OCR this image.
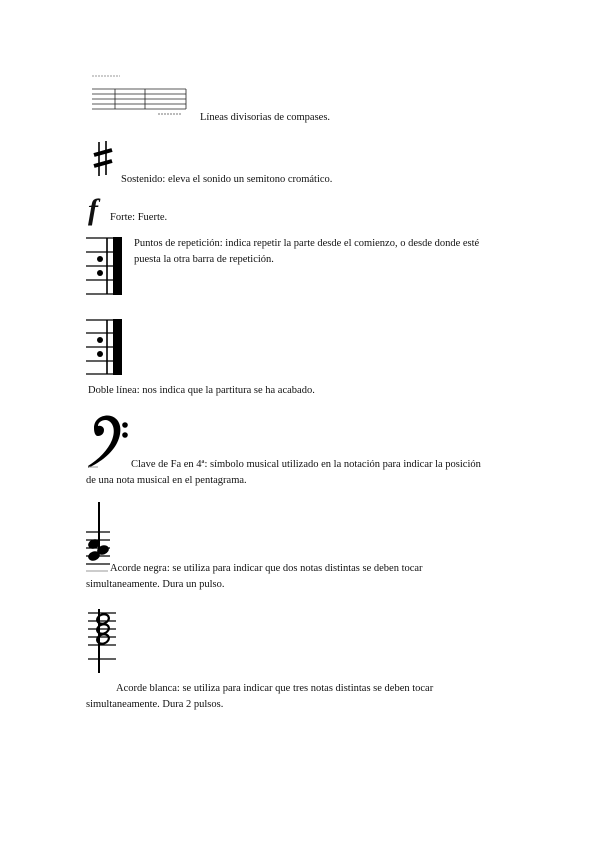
Líneas divisorias de compases.
Sostenido: eleva el sonido un semitono cromático.
f Forte: Fuerte.
Puntos de repetición: indica repetir la parte desde el comienzo, o desde donde esté
puesta la otra barra de repetición.
Doble línea: nos indica que la partitura se ha acabado.
Clave de Fa en 4ª: símbolo musical utilizado en la notación para indicar la posición
de una nota musical en el pentagrama.
Acorde negra: se utiliza para indicar que dos notas distintas se deben tocar
simultaneamente. Dura un pulso.
Acorde blanca: se utiliza para indicar que tres notas distintas se deben tocar
simultaneamente. Dura 2 pulsos.
